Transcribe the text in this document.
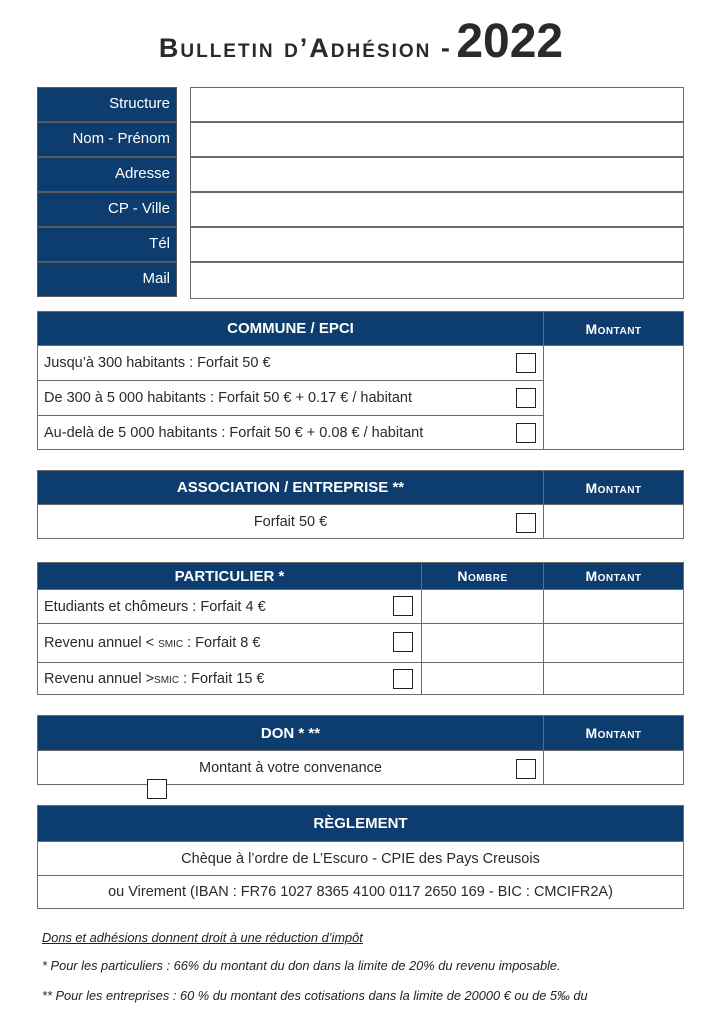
Bulletin d’Adhésion - 2022
Structure
Nom - Prénom
Adresse
CP - Ville
Tél
Mail
COMMUNE / EPCI	Montant
Jusqu’à 300 habitants : Forfait 50 €
De 300 à 5 000 habitants : Forfait 50 € + 0.17 € / habitant
Au-delà de 5 000 habitants : Forfait 50 € + 0.08 € / habitant
ASSOCIATION / ENTREPRISE **	Montant
Forfait 50 €
PARTICULIER *	Nombre	Montant
Etudiants et chômeurs : Forfait 4 €
Revenu annuel < smic : Forfait 8 €
Revenu annuel > smic : Forfait 15 €
DON * **	Montant
Montant à votre convenance
RÈGLEMENT
Chèque à l’ordre de L’Escuro - CPIE des Pays Creusois
ou Virement (IBAN : FR76 1027 8365 4100 0117 2650 169 - BIC : CMCIFR2A)
Dons et adhésions donnent droit à une réduction d’impôt
* Pour les particuliers : 66% du montant du don dans la limite de 20% du revenu imposable.
** Pour les entreprises : 60 % du montant des cotisations dans la limite de 20000 € ou de 5‰ du
